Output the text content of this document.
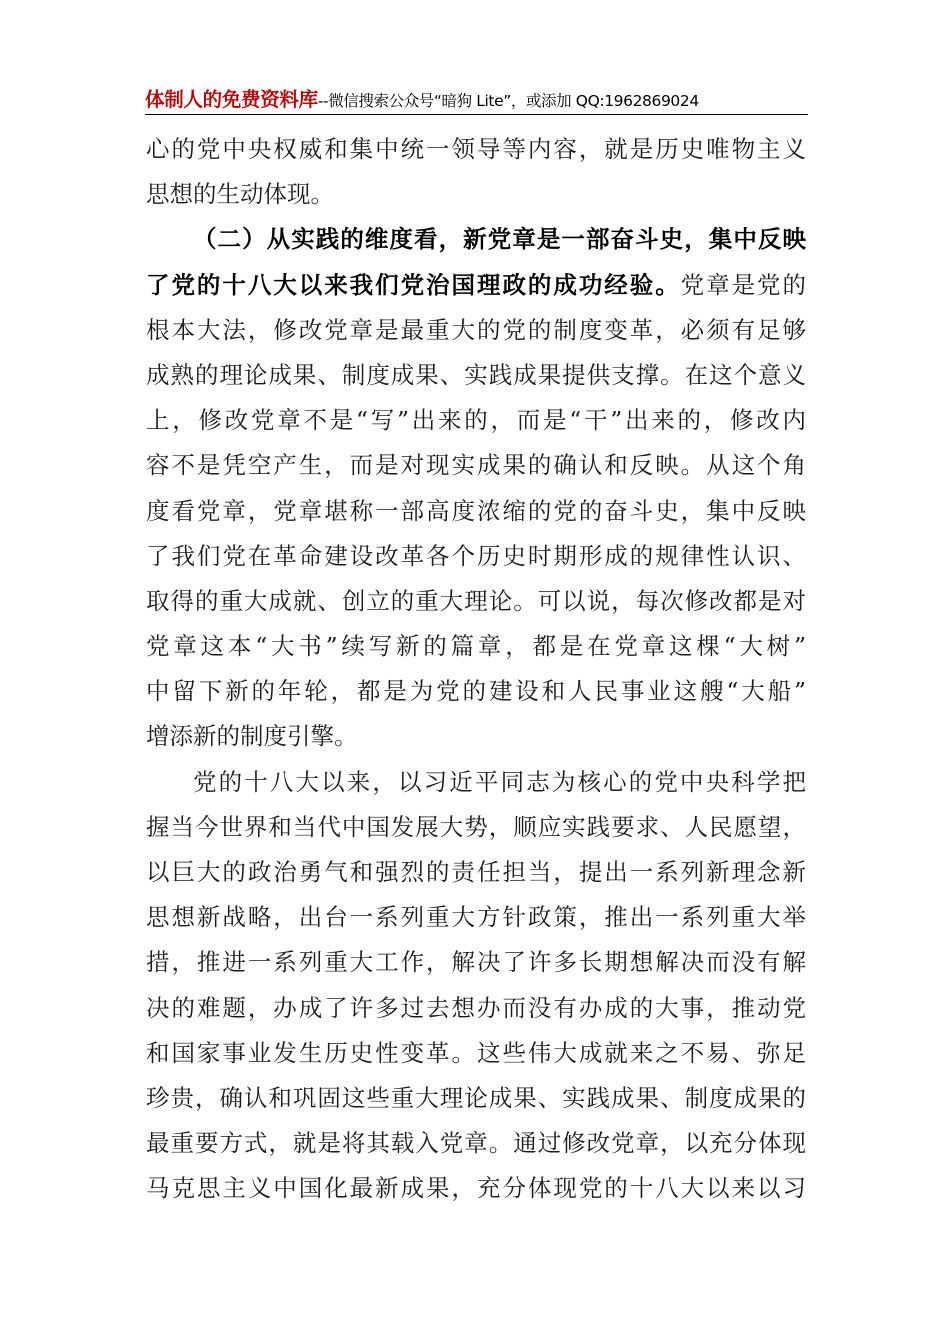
体制人的免费资料库--微信搜索公众号“暗狗 Lite”，或添加 QQ:1962869024
心的党中央权威和集中统一领导等内容，就是历史唯物主义
思想的生动体现。
（二）从实践的维度看，新党章是一部奋斗史，集中反映
了党的十八大以来我们党治国理政的成功经验。党章是党的
根本大法，修改党章是最重大的党的制度变革，必须有足够
成熟的理论成果、制度成果、实践成果提供支撑。在这个意义
上，修改党章不是“写”出来的，而是“干”出来的，修改内
容不是凭空产生，而是对现实成果的确认和反映。从这个角
度看党章，党章堪称一部高度浓缩的党的奋斗史，集中反映
了我们党在革命建设改革各个历史时期形成的规律性认识、
取得的重大成就、创立的重大理论。可以说，每次修改都是对
党章这本“大书”续写新的篇章，都是在党章这棵“大树”
中留下新的年轮，都是为党的建设和人民事业这艘“大船”
增添新的制度引擎。
党的十八大以来，以习近平同志为核心的党中央科学把
握当今世界和当代中国发展大势，顺应实践要求、人民愿望，
以巨大的政治勇气和强烈的责任担当，提出一系列新理念新
思想新战略，出台一系列重大方针政策，推出一系列重大举
措，推进一系列重大工作，解决了许多长期想解决而没有解
决的难题，办成了许多过去想办而没有办成的大事，推动党
和国家事业发生历史性变革。这些伟大成就来之不易、弥足
珍贵，确认和巩固这些重大理论成果、实践成果、制度成果的
最重要方式，就是将其载入党章。通过修改党章，以充分体现
马克思主义中国化最新成果，充分体现党的十八大以来以习
